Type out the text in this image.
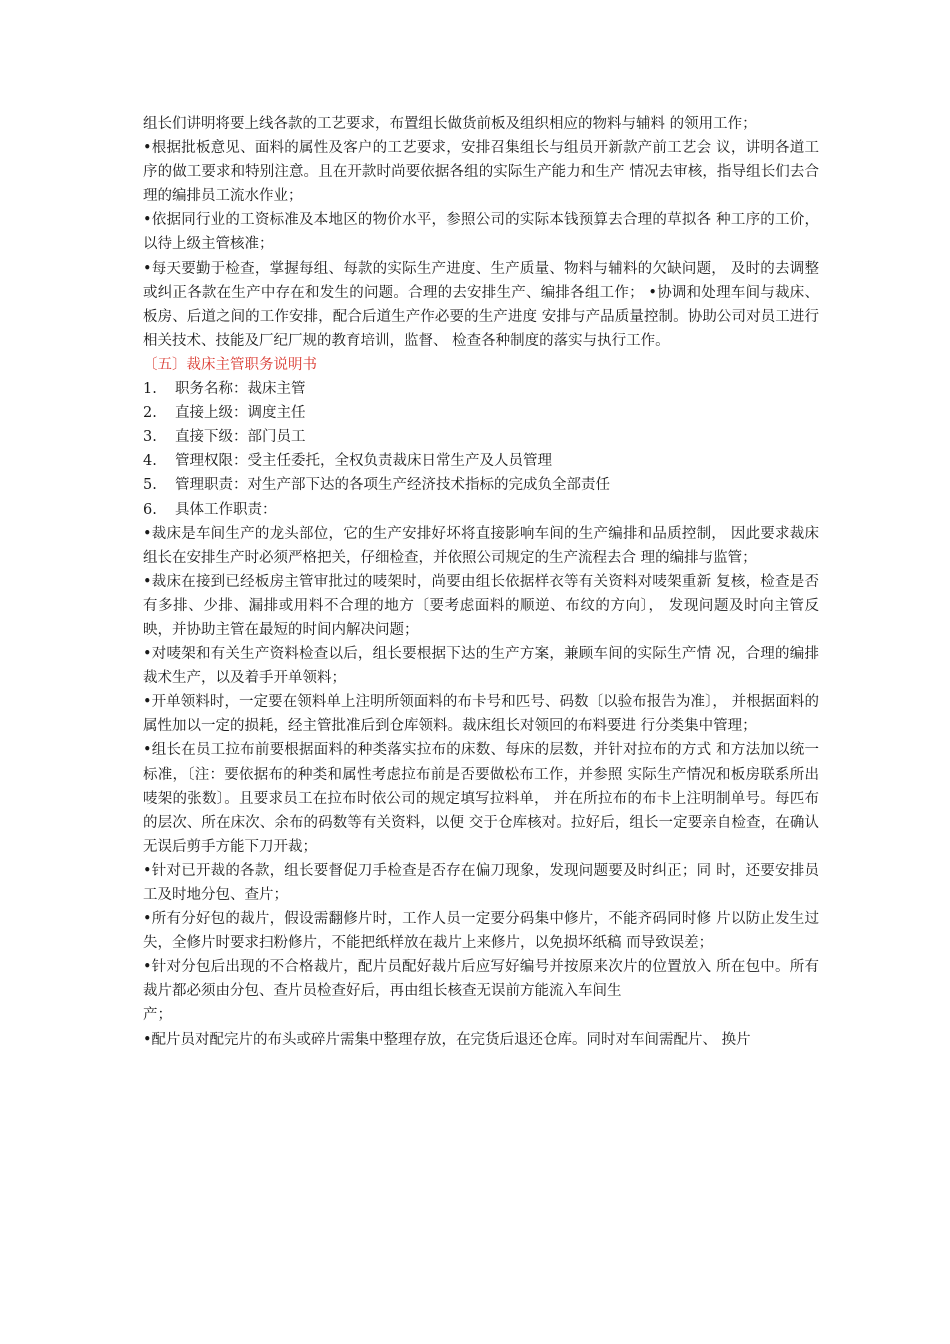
组长们讲明将要上线各款的工艺要求，布置组长做货前板及组织相应的物料与辅料 的领用工作；

•根据批板意见、面料的属性及客户的工艺要求，安排召集组长与组员开新款产前工艺会 议，讲明各道工序的做工要求和特别注意。且在开款时尚要依据各组的实际生产能力和生产 情况去审核，指导组长们去合理的编排员工流水作业；

•依据同行业的工资标准及本地区的物价水平，参照公司的实际本钱预算去合理的草拟各 种工序的工价，以待上级主管核准；

•每天要勤于检查，掌握每组、每款的实际生产进度、生产质量、物料与辅料的欠缺问题， 及时的去调整或纠正各款在生产中存在和发生的问题。合理的去安排生产、编排各组工作； •协调和处理车间与裁床、板房、后道之间的工作安排，配合后道生产作必要的生产进度 安排与产品质量控制。协助公司对员工进行相关技术、技能及厂纪厂规的教育培训，监督、 检查各种制度的落实与执行工作。

〔五〕裁床主管职务说明书

1.	职务名称：裁床主管
2.	直接上级：调度主任
3.	直接下级：部门员工
4.	管理权限：受主任委托，全权负责裁床日常生产及人员管理
5.	管理职责：对生产部下达的各项生产经济技术指标的完成负全部责任
6.	具体工作职责：

•裁床是车间生产的龙头部位，它的生产安排好坏将直接影响车间的生产编排和品质控制， 因此要求裁床组长在安排生产时必须严格把关，仔细检查，并依照公司规定的生产流程去合 理的编排与监管；

•裁床在接到已经板房主管审批过的唛架时，尚要由组长依据样衣等有关资料对唛架重新 复核，检查是否有多排、少排、漏排或用料不合理的地方〔要考虑面料的顺逆、布纹的方向〕， 发现问题及时向主管反映，并协助主管在最短的时间内解决问题；

•对唛架和有关生产资料检查以后，组长要根据下达的生产方案，兼顾车间的实际生产情 况，合理的编排裁术生产，以及着手开单领料；

•开单领料时，一定要在领料单上注明所领面料的布卡号和匹号、码数〔以验布报告为准〕， 并根据面料的属性加以一定的损耗，经主管批准后到仓库领料。裁床组长对领回的布料要进 行分类集中管理；

•组长在员工拉布前要根据面料的种类落实拉布的床数、每床的层数，并针对拉布的方式 和方法加以统一标准，〔注：要依据布的种类和属性考虑拉布前是否要做松布工作，并参照 实际生产情况和板房联系所出唛架的张数〕。且要求员工在拉布时依公司的规定填写拉料单， 并在所拉布的布卡上注明制单号。每匹布的层次、所在床次、余布的码数等有关资料，以便 交于仓库核对。拉好后，组长一定要亲自检查，在确认无误后剪手方能下刀开裁；

•针对已开裁的各款，组长要督促刀手检查是否存在偏刀现象，发现问题要及时纠正；同 时，还要安排员工及时地分包、查片；

•所有分好包的裁片，假设需翻修片时，工作人员一定要分码集中修片，不能齐码同时修 片以防止发生过失，全修片时要求扫粉修片，不能把纸样放在裁片上来修片，以免损坏纸稿 而导致误差；

•针对分包后出现的不合格裁片，配片员配好裁片后应写好编号并按原来次片的位置放入 所在包中。所有裁片都必须由分包、查片员检查好后，再由组长核查无误前方能流入车间生

产；

•配片员对配完片的布头或碎片需集中整理存放，在完货后退还仓库。同时对车间需配片、 换片
